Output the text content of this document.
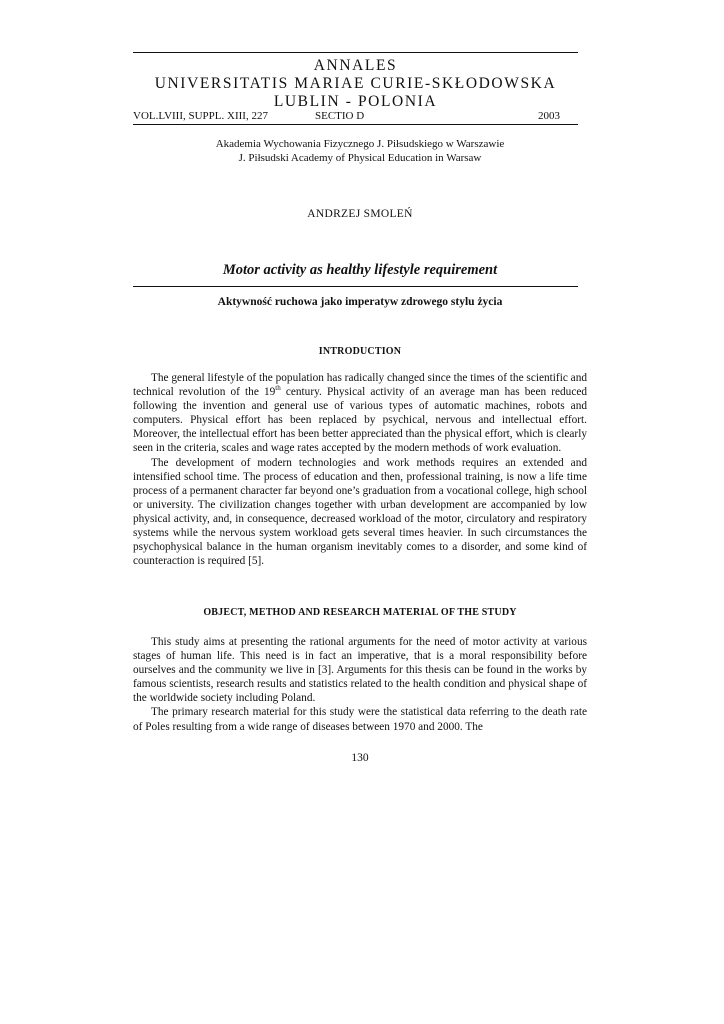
ANNALES
UNIVERSITATIS MARIAE CURIE-SKŁODOWSKA
LUBLIN - POLONIA
VOL.LVIII, SUPPL. XIII, 227	SECTIO D	2003
Akademia Wychowania Fizycznego J. Piłsudskiego w Warszawie
J. Piłsudski Academy of Physical Education in Warsaw
ANDRZEJ SMOLEŃ
Motor activity as healthy lifestyle requirement
Aktywność ruchowa jako imperatyw zdrowego stylu życia
INTRODUCTION

The general lifestyle of the population has radically changed since the times of the scientific and technical revolution of the 19th century. Physical activity of an average man has been reduced following the invention and general use of various types of automatic machines, robots and computers. Physical effort has been replaced by psychical, nervous and intellectual effort. Moreover, the intellectual effort has been better appreciated than the physical effort, which is clearly seen in the criteria, scales and wage rates accepted by the modern methods of work evaluation.

The development of modern technologies and work methods requires an extended and intensified school time. The process of education and then, professional training, is now a life time process of a permanent character far beyond one’s graduation from a vocational college, high school or university. The civilization changes together with urban development are accompanied by low physical activity, and, in consequence, decreased workload of the motor, circulatory and respiratory systems while the nervous system workload gets several times heavier. In such circumstances the psychophysical balance in the human organism inevitably comes to a disorder, and some kind of counteraction is required [5].

OBJECT, METHOD AND RESEARCH MATERIAL OF THE STUDY

This study aims at presenting the rational arguments for the need of motor activity at various stages of human life. This need is in fact an imperative, that is a moral responsibility before ourselves and the community we live in [3]. Arguments for this thesis can be found in the works by famous scientists, research results and statistics related to the health condition and physical shape of the worldwide society including Poland.

The primary research material for this study were the statistical data referring to the death rate of Poles resulting from a wide range of diseases between 1970 and 2000. The

130
